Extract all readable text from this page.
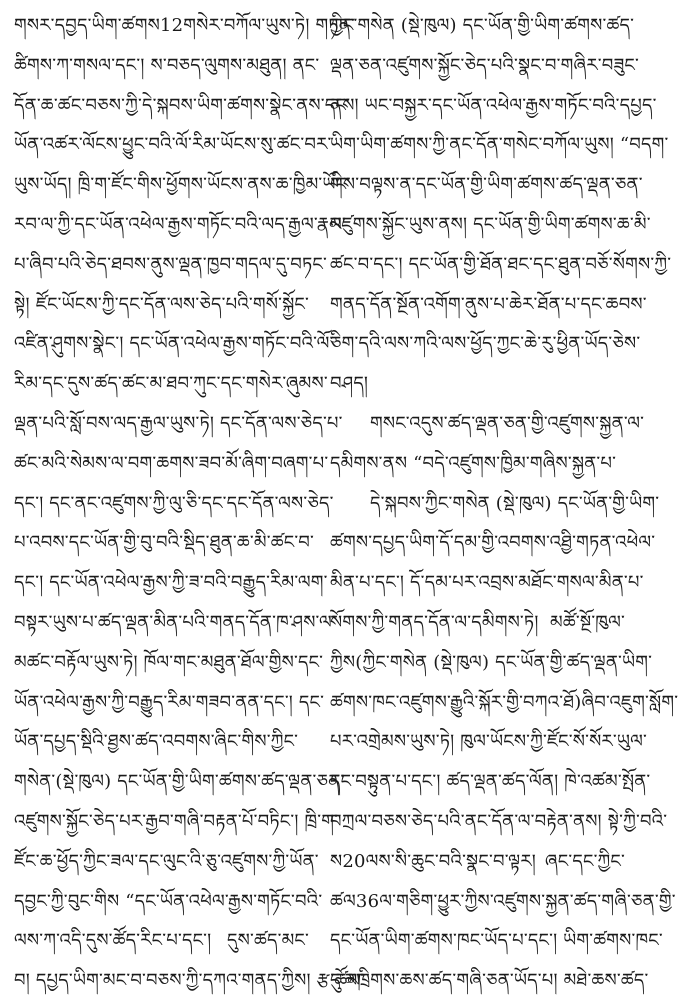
གསར་དབྱད་ཡིག་ཚགས12གསེར་བཀོལ་ཡུས་ཏེ། གཏན་
ཚིགས་ཀ་གསལ་དང་། ས་བཅད་ལུགས་མཐུན། ནང་
དོན་ཆ་ཚང་བཅས་ཀྱི་དེ་སྐབས་ཡིག་ཚགས་སྣེང་ནས་དང་
ཡོན་འཚར་ལོངས་ཕྱུང་བའི་ལོ་རིམ་ཡོངས་སུ་ཚང་བར་
ཡུས་ཡོད། ཁྲི་ག་ཛོང་གིས་ཕྱོགས་ཡོངས་ནས་ཆ་ཁྱིམ་ཡོང་
རབ་ལ་ཀྱི་དང་ཡོན་འཕེལ་རྒྱས་གཏོང་བའི་ལད་རྒྱལ་རྣམ་
པ་ཞིབ་པའི་ཅེད་ཐབས་ནུས་ལྡན་ཁྱབ་གདལ་དུ་བཏང་
སྟེ། ཛོང་ཡོངས་ཀྱི་དང་དོན་ལས་ཅེད་པའི་གསོ་སྐྱོང་
འཛིན་ཤུགས་སྣེང་། དང་ཡོན་འཕེལ་རྒྱས་གཏོང་བའི་ལོ་
རིམ་དང་དུས་ཚད་ཚང་མ་ཐབ་ཀུང་དང་གསེར་ཞུམས་
ལྡན་པའི་སློ་བས་ལད་རྒྱལ་ཡུས་ཏེ། དང་དོན་ལས་ཅེད་པ་
ཚང་མའི་སེམས་ལ་བག་ཆགས་ཟབ་མོ་ཞིག་བཞག་པ་
དང་། དང་ནང་འཛུགས་ཀྱི་ལུ་ཅི་དང་དང་དོན་ལས་ཅེད་
པ་འབས་དང་ཡོན་གྱི་བུ་བའི་སྡིད་ཐུན་ཆ་མི་ཚང་བ་
དང་། དང་ཡོན་འཕེལ་རྒྱས་ཀྱི་ཟ་བའི་བརྒྱུད་རིམ་ལག་
བསྟར་ཡུས་པ་ཚད་ལྡན་མིན་པའི་གནད་དོན་ཁ་ཤས་ལ་
མཚང་བརྟོལ་ཡུས་ཏེ། ཁོལ་གང་མཐུན་ཐོལ་གྱིས་དང་
ཡོན་འཕེལ་རྒྱས་ཀྱི་བརྒྱུད་རིམ་གཟབ་ནན་དང་། དང་
ཡོན་དཔྱད་སྡིའི་ཐྱས་ཚད་འབགས་ཞིང་གིས་ཀྱིང་
གསེན་(སྡེ་ཁུལ) དང་ཡོན་གྱི་ཡིག་ཚགས་ཚད་ལྡན་ཅན་
འཛུགས་སྐྱོང་ཅེད་པར་རྒྱབ་གཞི་བརྟན་པོ་བཏིང་། ཁྲི་ག་
ཛོང་ཆ་ཕྱོད་ཀྱིང་ཟལ་དང་ལུང་འི་ཅུ་འཛུགས་ཀྱི་ཡོན་
དབྱང་ཀྱི་བུང་གིས “དང་ཡོན་འཕེལ་རྒྱས་གཏོང་བའི་
ལས་ཀ་འདི་དུས་ཚོད་རིང་པ་དང་། དུས་ཚད་མང་
བ། དཔྱད་ཡིག་མང་བ་བཅས་ཀྱི་དཀའ་གནད་ཀྱིས། རྩ་ཚོམ་
ཀྱིང་གསེན (སྡེ་ཁུལ) དང་ཡོན་གྱི་ཡིག་ཚགས་ཚད་
ལྡན་ཅན་འཛུགས་སྐྱོང་ཅེད་པའི་སྣང་བ་གཞིར་བཟུང་
ནས། ཡང་བསྐྱར་དང་ཡོན་འཕེལ་རྒྱས་གཏོང་བའི་དཔྱད་
ཡིག་ཡིག་ཚགས་ཀྱི་ནང་དོན་གསེང་བཀོལ་ཡུས། “བདག་
གིས་བལྟས་ན་དང་ཡོན་གྱི་ཡིག་ཚགས་ཚད་ལྡན་ཅན་
འཛུགས་སྐྱོང་ཡུས་ནས། དང་ཡོན་གྱི་ཡིག་ཚགས་ཆ་མི་
ཚང་བ་དང་། དང་ཡོན་གྱི་ཐོན་ཐང་དང་ཐུན་བཅོ་སོགས་ཀྱི་
གནད་དོན་སྔོན་འགོག་ནུས་པ་ཆེར་ཐོན་པ་དང་ཆབས་
ཅིག་དའི་ལས་ཀའི་ལས་ཕྱོད་ཀྱང་ཆེ་རུ་ཕྱིན་ཡོད་ཅེས་
བཤད།
གསང་འདུས་ཚད་ལྡན་ཅན་གྱི་འཛུགས་སྐྱན་ལ་
དམིགས་ནས “བདེ་འཛུགས་ཁྱིམ་གཞིས་སྐྱན་པ་
དེ་སྐབས་ཀྱིང་གསེན (སྡེ་ཁུལ) དང་ཡོན་གྱི་ཡིག་
ཚགས་དཔྱད་ཡིག་དོ་དམ་གྱི་འབགས་འཐྱི་གཏན་འཕེལ་
མིན་པ་དང་། དོ་དམ་པར་འབྲས་མཐོང་གསལ་མིན་པ་
སོགས་ཀྱི་གནད་དོན་ལ་དམིགས་ཏེ། མཚོ་སྔོ་ཁུལ་
ཀྱིས(ཀྱིང་གསེན (སྡེ་ཁུལ) དང་ཡོན་གྱི་ཚད་ལྡན་ཡིག་
ཚགས་ཁང་འཛུགས་རྒྱུའི་སྐོར་གྱི་བཀའ་ཐོ)ཞིབ་འཇུག་སློག་
པར་འགྲེམས་ཡུས་ཏེ། ཁུལ་ཡོངས་ཀྱི་ཛོང་སོ་སོར་ཡུལ་
དང་བསྟུན་པ་དང་། ཚད་ལྡན་ཚད་ལོན། ཁེ་འཚམ་སྤོན་
བཀྲལ་བཅས་ཅེད་པའི་ནང་དོན་ལ་བརྟེན་ནས། སྟེ་ཀྱི་བའི་
ས20ལས་སི་ཆུང་བའི་སྣང་བ་ལྟར། ཞང་དང་ཀྱིང་
ཚལ36ལ་གཅིག་ཕྱུར་ཀྱིས་འཛུགས་སྐྱན་ཚད་གཞི་ཅན་གྱི་
དང་ཡོན་ཡིག་ཚགས་ཁང་ཡོད་པ་དང་། ཡིག་ཚགས་ཁང་
དུ་མཁྲིགས་ཆས་ཚད་གཞི་ཅན་ཡོད་པ། མཐེ་ཆས་ཚད་
